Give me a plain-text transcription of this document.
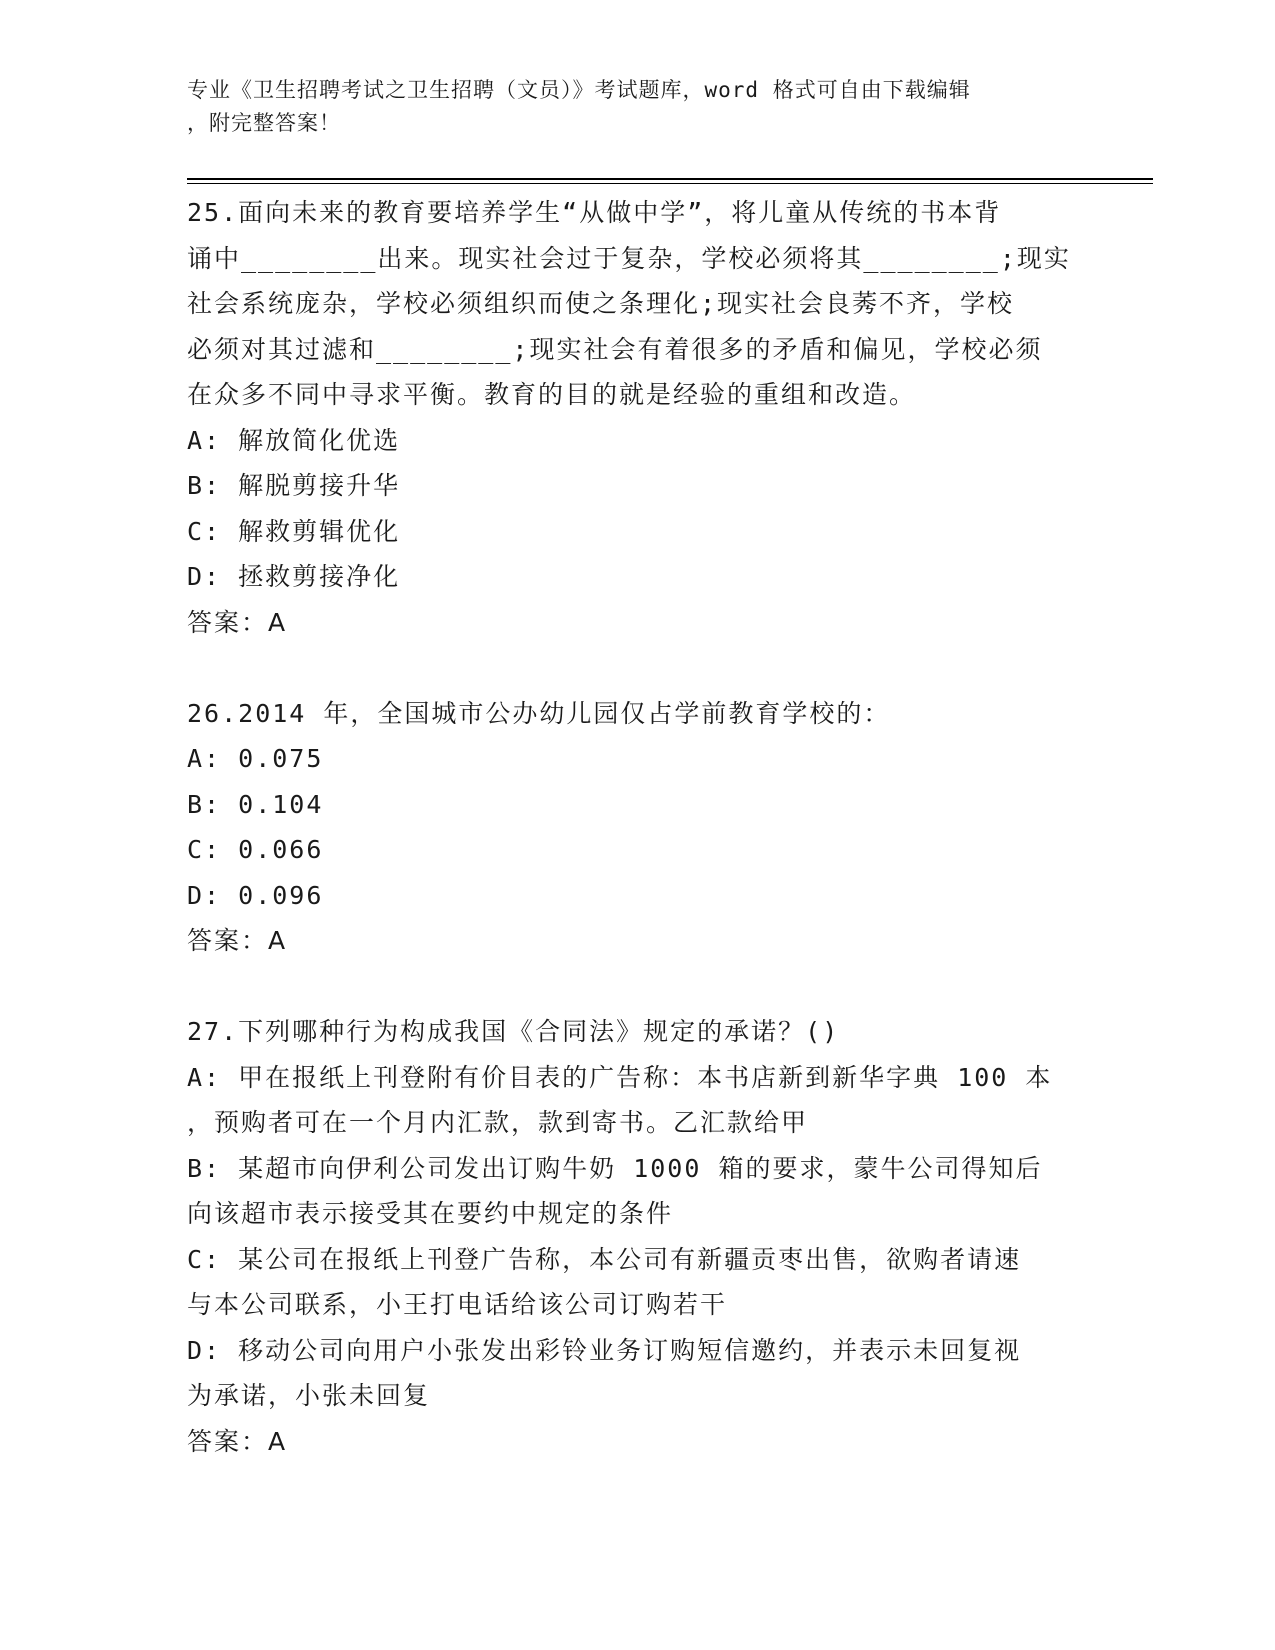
专业《卫生招聘考试之卫生招聘（文员）》考试题库，word 格式可自由下载编辑
，附完整答案！
25.面向未来的教育要培养学生“从做中学”，将儿童从传统的书本背
诵中________出来。现实社会过于复杂，学校必须将其________;现实
社会系统庞杂，学校必须组织而使之条理化;现实社会良莠不齐，学校
必须对其过滤和________;现实社会有着很多的矛盾和偏见，学校必须
在众多不同中寻求平衡。教育的目的就是经验的重组和改造。
A: 解放简化优选
B: 解脱剪接升华
C: 解救剪辑优化
D: 拯救剪接净化
答案：A
26.2014 年，全国城市公办幼儿园仅占学前教育学校的：
A: 0.075
B: 0.104
C: 0.066
D: 0.096
答案：A
27.下列哪种行为构成我国《合同法》规定的承诺？()
A: 甲在报纸上刊登附有价目表的广告称：本书店新到新华字典 100 本
，预购者可在一个月内汇款，款到寄书。乙汇款给甲
B: 某超市向伊利公司发出订购牛奶 1000 箱的要求，蒙牛公司得知后
向该超市表示接受其在要约中规定的条件
C: 某公司在报纸上刊登广告称，本公司有新疆贡枣出售，欲购者请速
与本公司联系，小王打电话给该公司订购若干
D: 移动公司向用户小张发出彩铃业务订购短信邀约，并表示未回复视
为承诺，小张未回复
答案：A
